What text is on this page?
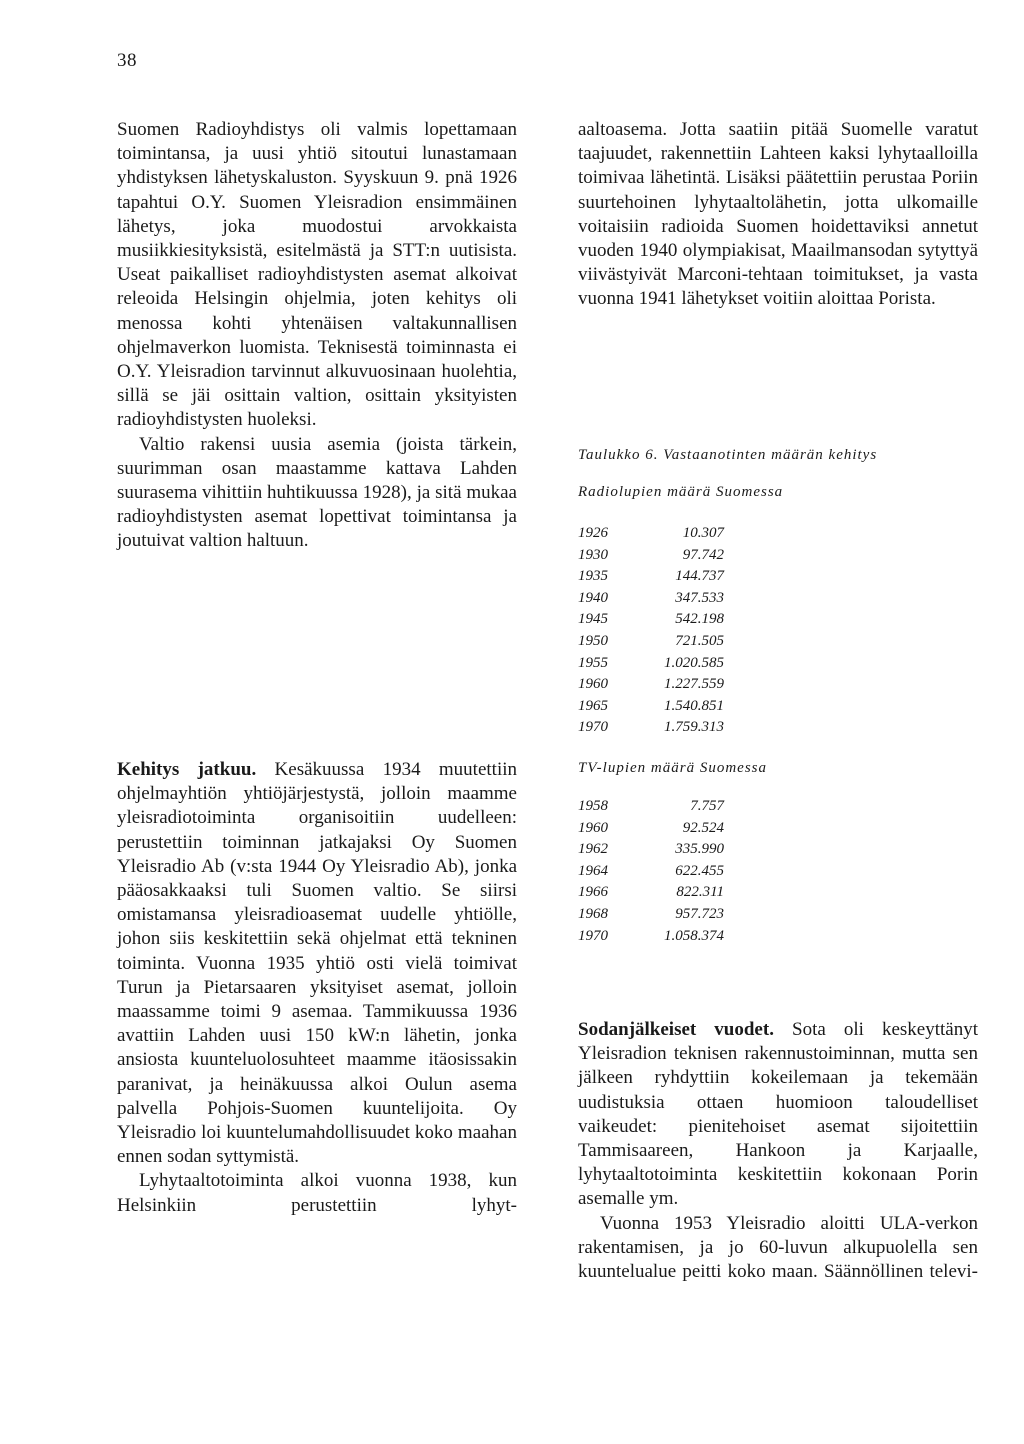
38

Suomen Radioyhdistys oli valmis lopettamaan toimintansa, ja uusi yhtiö sitoutui lunastamaan yhdistyksen lähetyskaluston. Syyskuun 9. pnä 1926 tapahtui O.Y. Suomen Yleisradion ensimmäinen lähetys, joka muodostui arvokkaista musiikkiesityksistä, esitelmästä ja STT:n uutisista. Useat paikalliset radioyhdistysten asemat alkoivat releoida Helsingin ohjelmia, joten kehitys oli menossa kohti yhtenäisen valtakunnallisen ohjelmaverkon luomista. Teknisestä toiminnasta ei O.Y. Yleisradion tarvinnut alkuvuosinaan huolehtia, sillä se jäi osittain valtion, osittain yksityisten radioyhdistysten huoleksi.

Valtio rakensi uusia asemia (joista tärkein, suurimman osan maastamme kattava Lahden suurasema vihittiin huhtikuussa 1928), ja sitä mukaa radioyhdistysten asemat lopettivat toimintansa ja joutuivat valtion haltuun.

Kehitys jatkuu. Kesäkuussa 1934 muutettiin ohjelmayhtiön yhtiöjärjestystä, jolloin maamme yleisradiotoiminta organisoitiin uudelleen: perustettiin toiminnan jatkajaksi Oy Suomen Yleisradio Ab (v:sta 1944 Oy Yleisradio Ab), jonka pääosakkaaksi tuli Suomen valtio. Se siirsi omistamansa yleisradioasemat uudelle yhtiölle, johon siis keskitettiin sekä ohjelmat että tekninen toiminta. Vuonna 1935 yhtiö osti vielä toimivat Turun ja Pietarsaaren yksityiset asemat, jolloin maassamme toimi 9 asemaa. Tammikuussa 1936 avattiin Lahden uusi 150 kW:n lähetin, jonka ansiosta kuunteluolosuhteet maamme itäosissakin paranivat, ja heinäkuussa alkoi Oulun asema palvella Pohjois-Suomen kuuntelijoita. Oy Yleisradio loi kuuntelumahdollisuudet koko maahan ennen sodan syttymistä.

Lyhytaaltotoiminta alkoi vuonna 1938, kun Helsinkiin perustettiin lyhyt-

aaltoasema. Jotta saatiin pitää Suomelle varatut taajuudet, rakennettiin Lahteen kaksi lyhytaalloilla toimivaa lähetintä. Lisäksi päätettiin perustaa Poriin suurtehoinen lyhytaaltolähetin, jotta ulkomaille voitaisiin radioida Suomen hoidettaviksi annetut vuoden 1940 olympiakisat, Maailmansodan sytyttyä viivästyivät Marconi-tehtaan toimitukset, ja vasta vuonna 1941 lähetykset voitiin aloittaa Porista.

Taulukko 6. Vastaanotinten määrän kehitys
Radiolupien määrä Suomessa
1926	10.307
1930	97.742
1935	144.737
1940	347.533
1945	542.198
1950	721.505
1955	1.020.585
1960	1.227.559
1965	1.540.851
1970	1.759.313
TV-lupien määrä Suomessa
1958	7.757
1960	92.524
1962	335.990
1964	622.455
1966	822.311
1968	957.723
1970	1.058.374

Sodanjälkeiset vuodet. Sota oli keskeyttänyt Yleisradion teknisen rakennustoiminnan, mutta sen jälkeen ryhdyttiin kokeilemaan ja tekemään uudistuksia ottaen huomioon taloudelliset vaikeudet: pienitehoiset asemat sijoitettiin Tammisaareen, Hankoon ja Karjaalle, lyhytaaltotoiminta keskitettiin kokonaan Porin asemalle ym.

Vuonna 1953 Yleisradio aloitti ULA-verkon rakentamisen, ja jo 60-luvun alkupuolella sen kuuntelualue peitti koko maan. Säännöllinen televi-
